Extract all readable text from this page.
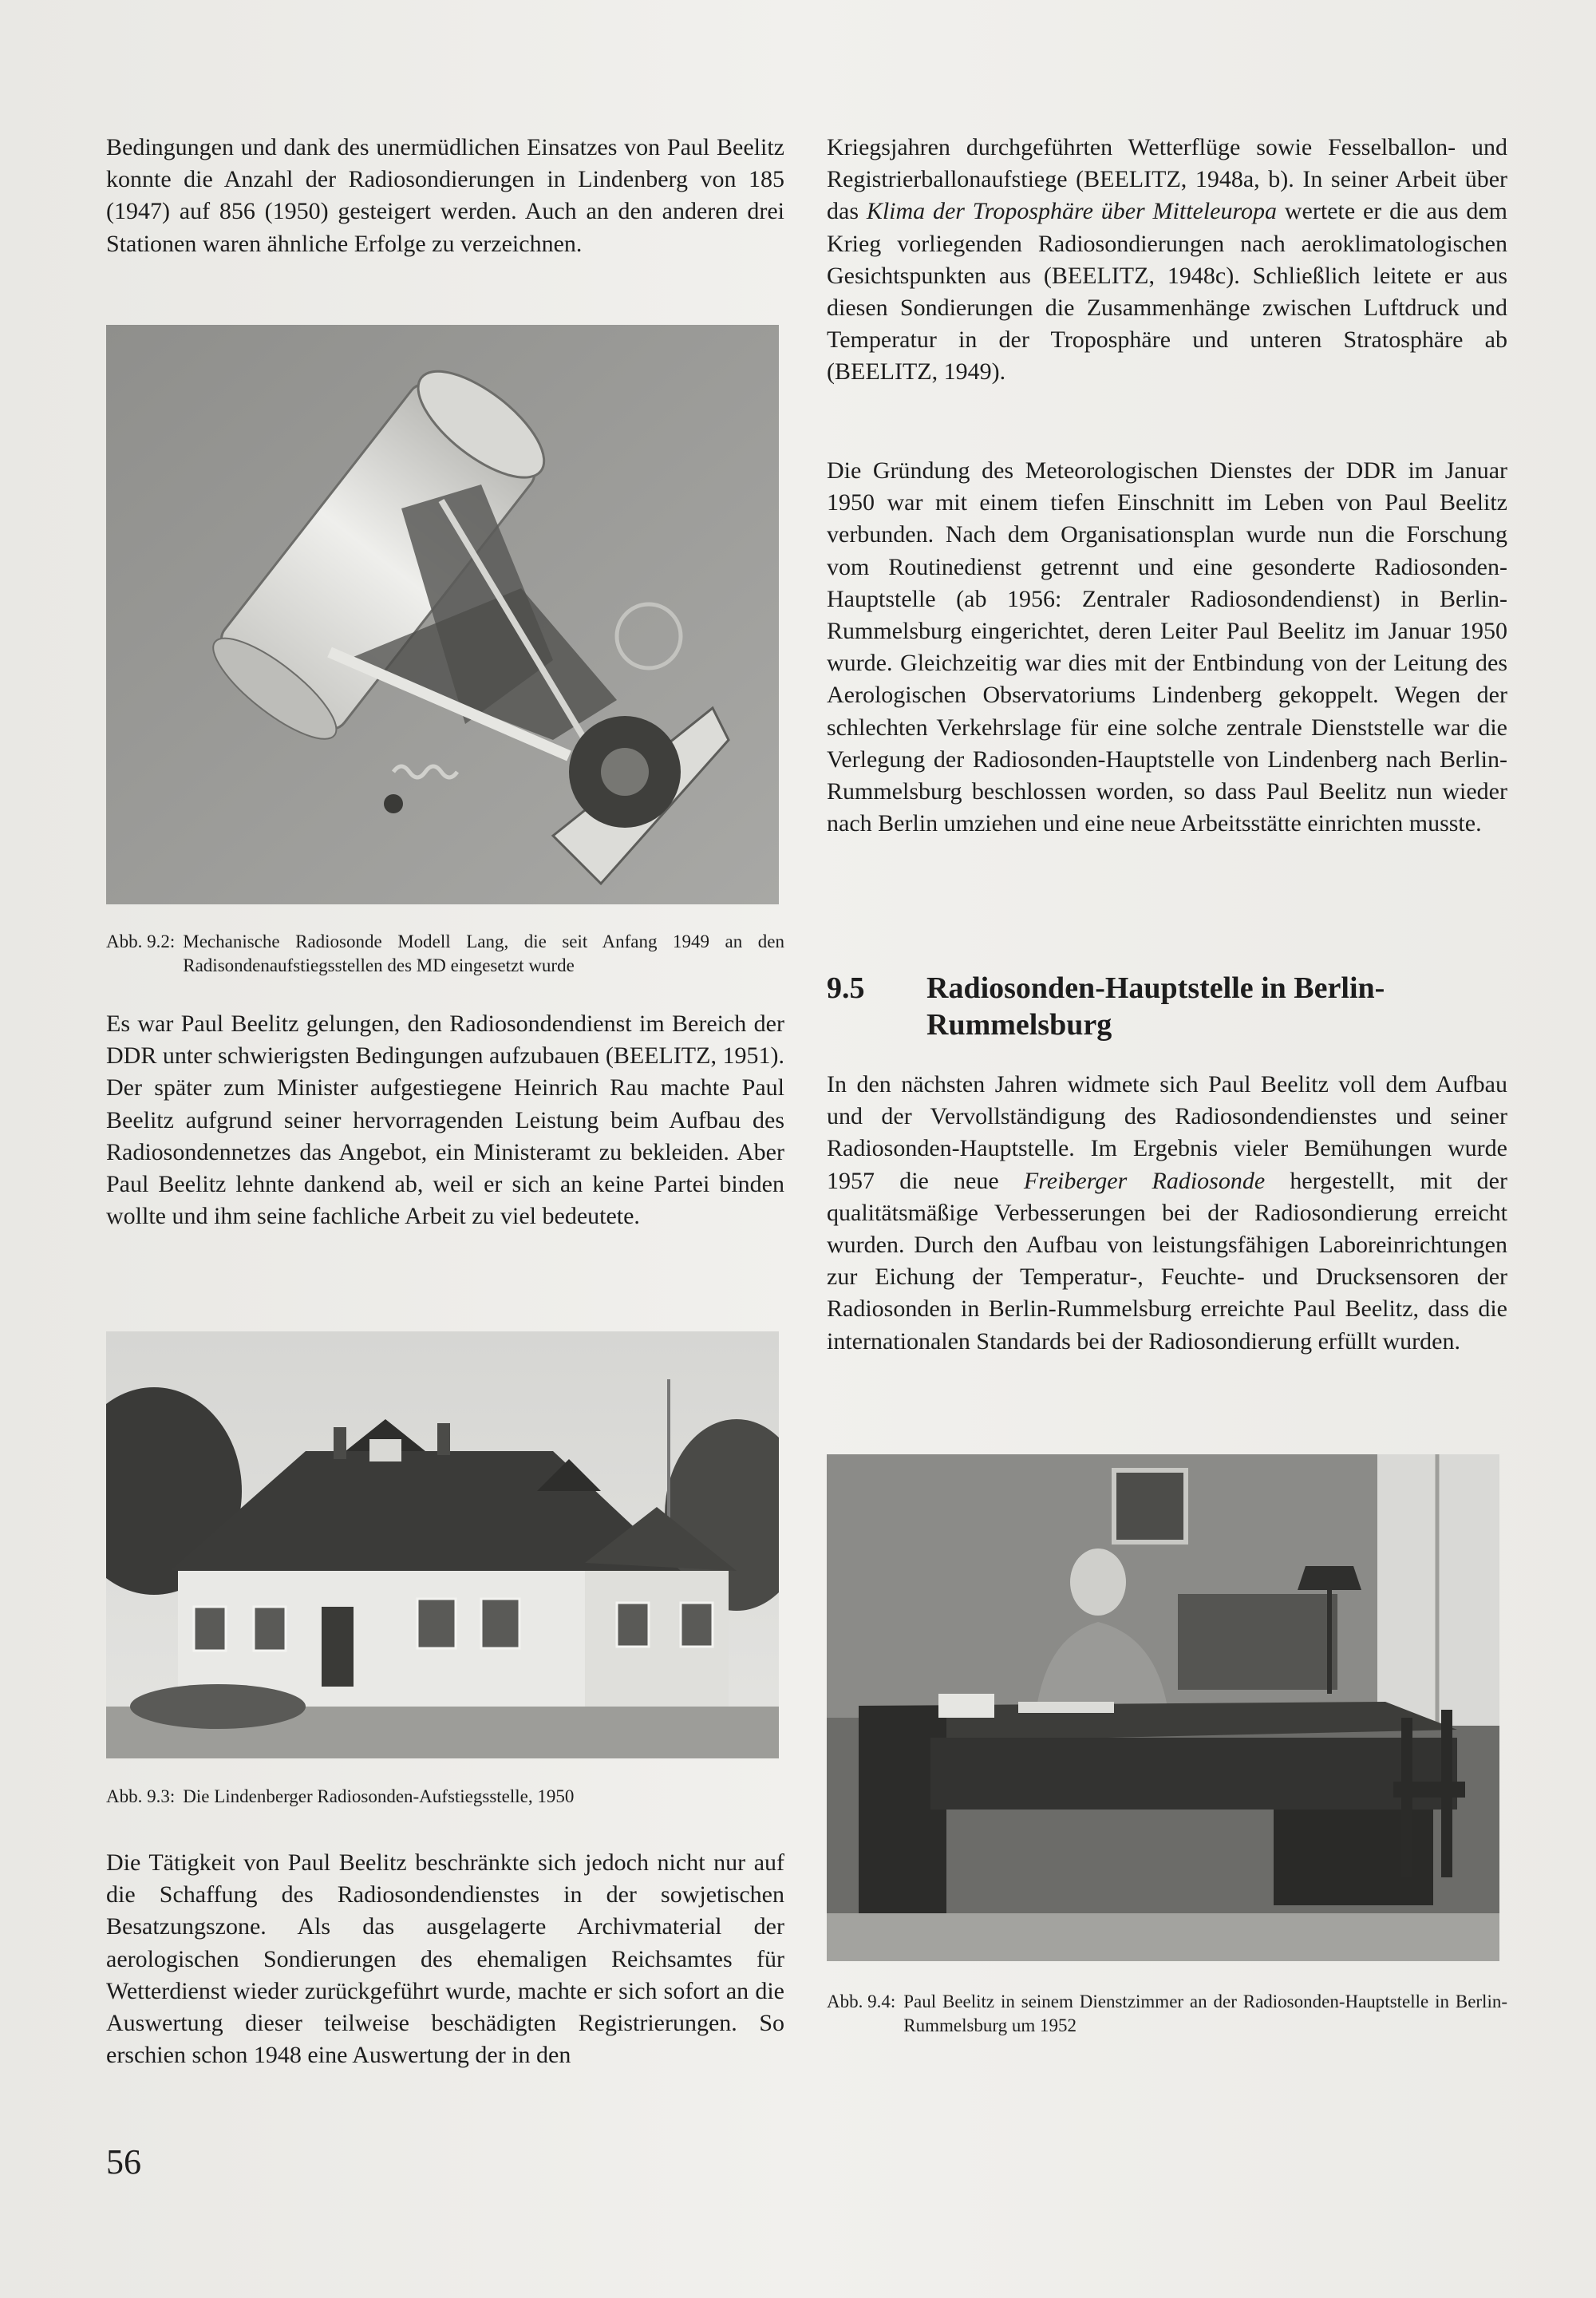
Bedingungen und dank des unermüdlichen Einsatzes von Paul Beelitz konnte die Anzahl der Radiosondierungen in Lindenberg von 185 (1947) auf 856 (1950) gesteigert werden. Auch an den anderen drei Stationen waren ähnliche Erfolge zu verzeichnen.

Abb. 9.2: Mechanische Radiosonde Modell Lang, die seit Anfang 1949 an den Radisondenaufstiegsstellen des MD eingesetzt wurde

Es war Paul Beelitz gelungen, den Radiosondendienst im Bereich der DDR unter schwierigsten Bedingungen aufzubauen (BEELITZ, 1951). Der später zum Minister aufgestiegene Heinrich Rau machte Paul Beelitz aufgrund seiner hervorragenden Leistung beim Aufbau des Radiosondennetzes das Angebot, ein Ministeramt zu bekleiden. Aber Paul Beelitz lehnte dankend ab, weil er sich an keine Partei binden wollte und ihm seine fachliche Arbeit zu viel bedeutete.

Abb. 9.3: Die Lindenberger Radiosonden-Aufstiegsstelle, 1950

Die Tätigkeit von Paul Beelitz beschränkte sich jedoch nicht nur auf die Schaffung des Radiosondendienstes in der sowjetischen Besatzungszone. Als das ausgelagerte Archivmaterial der aerologischen Sondierungen des ehemaligen Reichsamtes für Wetterdienst wieder zurückgeführt wurde, machte er sich sofort an die Auswertung dieser teilweise beschädigten Registrierungen. So erschien schon 1948 eine Auswertung der in den

Kriegsjahren durchgeführten Wetterflüge sowie Fesselballon- und Registrierballonaufstiege (BEELITZ, 1948a, b). In seiner Arbeit über das Klima der Troposphäre über Mitteleuropa wertete er die aus dem Krieg vorliegenden Radiosondierungen nach aeroklimatologischen Gesichtspunkten aus (BEELITZ, 1948c). Schließlich leitete er aus diesen Sondierungen die Zusammenhänge zwischen Luftdruck und Temperatur in der Troposphäre und unteren Stratosphäre ab (BEELITZ, 1949).

Die Gründung des Meteorologischen Dienstes der DDR im Januar 1950 war mit einem tiefen Einschnitt im Leben von Paul Beelitz verbunden. Nach dem Organisationsplan wurde nun die Forschung vom Routinedienst getrennt und eine gesonderte Radiosonden-Hauptstelle (ab 1956: Zentraler Radiosondendienst) in Berlin-Rummelsburg eingerichtet, deren Leiter Paul Beelitz im Januar 1950 wurde. Gleichzeitig war dies mit der Entbindung von der Leitung des Aerologischen Observatoriums Lindenberg gekoppelt. Wegen der schlechten Verkehrslage für eine solche zentrale Dienststelle war die Verlegung der Radiosonden-Hauptstelle von Lindenberg nach Berlin-Rummelsburg beschlossen worden, so dass Paul Beelitz nun wieder nach Berlin umziehen und eine neue Arbeitsstätte einrichten musste.

9.5	Radiosonden-Hauptstelle in Berlin-Rummelsburg

In den nächsten Jahren widmete sich Paul Beelitz voll dem Aufbau und der Vervollständigung des Radiosondendienstes und seiner Radiosonden-Hauptstelle. Im Ergebnis vieler Bemühungen wurde 1957 die neue Freiberger Radiosonde hergestellt, mit der qualitätsmäßige Verbesserungen bei der Radiosondierung erreicht wurden. Durch den Aufbau von leistungsfähigen Laboreinrichtungen zur Eichung der Temperatur-, Feuchte- und Drucksensoren der Radiosonden in Berlin-Rummelsburg erreichte Paul Beelitz, dass die internationalen Standards bei der Radiosondierung erfüllt wurden.

Abb. 9.4: Paul Beelitz in seinem Dienstzimmer an der Radiosonden-Hauptstelle in Berlin-Rummelsburg um 1952

56
